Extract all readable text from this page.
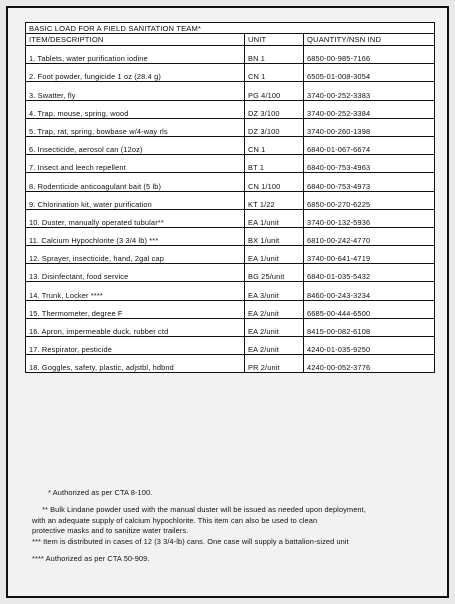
BASIC LOAD FOR A FIELD SANITATION TEAM*		
ITEM/DESCRIPTION	UNIT	QUANTITY/NSN IND
1. Tablets, water purification iodine	BN 1	6850-00-985-7166
2. Foot powder, fungicide 1 oz (28.4 g)	CN 1	6505-01-008-3054
3. Swatter, fly	PG 4/100	3740-00-252-3383
4. Trap, mouse, spring, wood	DZ 3/100	3740-00-252-3384
5. Trap, rat, spring, bowbase w/4-way rls	DZ 3/100	3740-00-260-1398
6. Insecticide, aerosol can (12oz)	CN 1	6840-01-067-6674
7. Insect and leech repellent	BT 1	6840-00-753-4963
8. Rodenticide anticoagulant bait (5 lb)	CN 1/100	6840-00-753-4973
9. Chlorination kit, water purification	KT 1/22	6850-00-270-6225
10. Duster, manually operated tubular**	EA 1/unit	3740-00-132-5936
11. Calcium Hypochlorite (3 3/4 lb) ***	BX 1/unit	6810-00-242-4770
12. Sprayer, insecticide, hand, 2gal cap	EA 1/unit	3740-00-641-4719
13. Disinfectant, food service	BG 25/unit	6840-01-035-5432
14. Trunk, Locker ****	EA 3/unit	8460-00-243-3234
15. Thermometer, degree F	EA 2/unit	6685-00-444-6500
16. Apron, impermeable duck, rubber ctd	EA 2/unit	8415-00-082-6108
17. Respirator, pesticide	EA 2/unit	4240-01-035-9250
18. Goggles, safety, plastic, adjstbl, hdbnd	PR 2/unit	4240-00-052-3776

* Authorized as per CTA 8-100.

** Bulk Lindane powder used with the manual duster will be issued as needed upon deployment,

with an adequate supply of calcium hypochlorite. This item can also be used to clean

protective masks and to sanitize water trailers.

*** Item is distributed in cases of 12 (3 3/4-lb) cans. One case will supply a battalion-sized unit

**** Authorized as per CTA 50-909.
